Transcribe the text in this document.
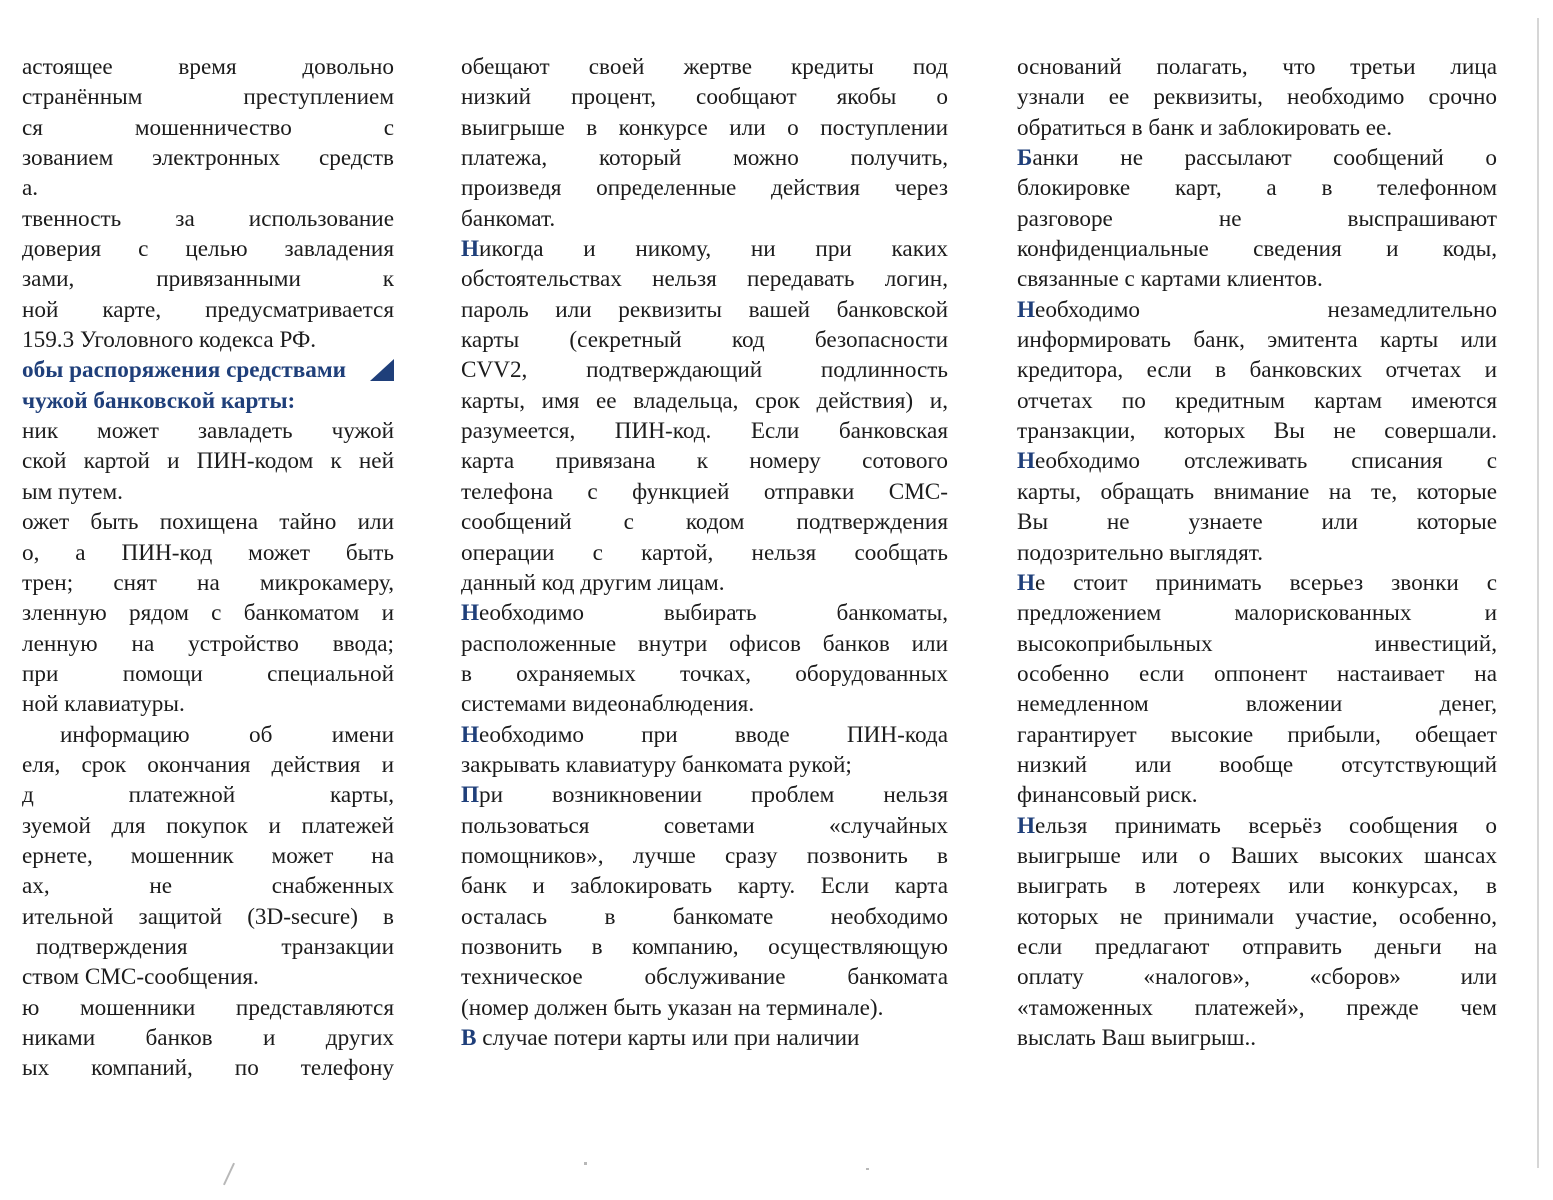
астоящее время довольно
странённым преступлением
ся мошенничество с
зованием электронных средств
а.
твенность за использование
доверия с целью завладения
зами, привязанными к
ной карте, предусматривается
159.3 Уголовного кодекса РФ.
обы распоряжения средствами
чужой банковской карты:
ник может завладеть чужой
ской картой и ПИН-кодом к ней
ым путем.
ожет быть похищена тайно или
о, а ПИН-код может быть
трен; снят на микрокамеру,
зленную рядом с банкоматом и
ленную на устройство ввода;
при помощи специальной
ной клавиатуры.
информацию об имени
еля, срок окончания действия и
д платежной карты,
зуемой для покупок и платежей
ернете, мошенник может на
ах, не снабженных
ительной защитой (3D-secure) в
подтверждения транзакции
ством СМС-сообщения.
ю мошенники представляются
никами банков и других
ых компаний, по телефону
обещают своей жертве кредиты под
низкий процент, сообщают якобы о
выигрыше в конкурсе или о поступлении
платежа, который можно получить,
произведя определенные действия через
банкомат.
Никогда и никому, ни при каких
обстоятельствах нельзя передавать логин,
пароль или реквизиты вашей банковской
карты (секретный код безопасности
CVV2, подтверждающий подлинность
карты, имя ее владельца, срок действия) и,
разумеется, ПИН-код. Если банковская
карта привязана к номеру сотового
телефона с функцией отправки СМС-
сообщений с кодом подтверждения
операции с картой, нельзя сообщать
данный код другим лицам.
Необходимо выбирать банкоматы,
расположенные внутри офисов банков или
в охраняемых точках, оборудованных
системами видеонаблюдения.
Необходимо при вводе ПИН-кода
закрывать клавиатуру банкомата рукой;
При возникновении проблем нельзя
пользоваться советами «случайных
помощников», лучше сразу позвонить в
банк и заблокировать карту. Если карта
осталась в банкомате необходимо
позвонить в компанию, осуществляющую
техническое обслуживание банкомата
(номер должен быть указан на терминале).
В случае потери карты или при наличии
оснований полагать, что третьи лица
узнали ее реквизиты, необходимо срочно
обратиться в банк и заблокировать ее.
Банки не рассылают сообщений о
блокировке карт, а в телефонном
разговоре не выспрашивают
конфиденциальные сведения и коды,
связанные с картами клиентов.
Необходимо незамедлительно
информировать банк, эмитента карты или
кредитора, если в банковских отчетах и
отчетах по кредитным картам имеются
транзакции, которых Вы не совершали.
Необходимо отслеживать списания с
карты, обращать внимание на те, которые
Вы не узнаете или которые
подозрительно выглядят.
Не стоит принимать всерьез звонки с
предложением малорискованных и
высокоприбыльных инвестиций,
особенно если оппонент настаивает на
немедленном вложении денег,
гарантирует высокие прибыли, обещает
низкий или вообще отсутствующий
финансовый риск.
Нельзя принимать всерьёз сообщения о
выигрыше или о Ваших высоких шансах
выиграть в лотереях или конкурсах, в
которых не принимали участие, особенно,
если предлагают отправить деньги на
оплату «налогов», «сборов» или
«таможенных платежей», прежде чем
выслать Ваш выигрыш..
